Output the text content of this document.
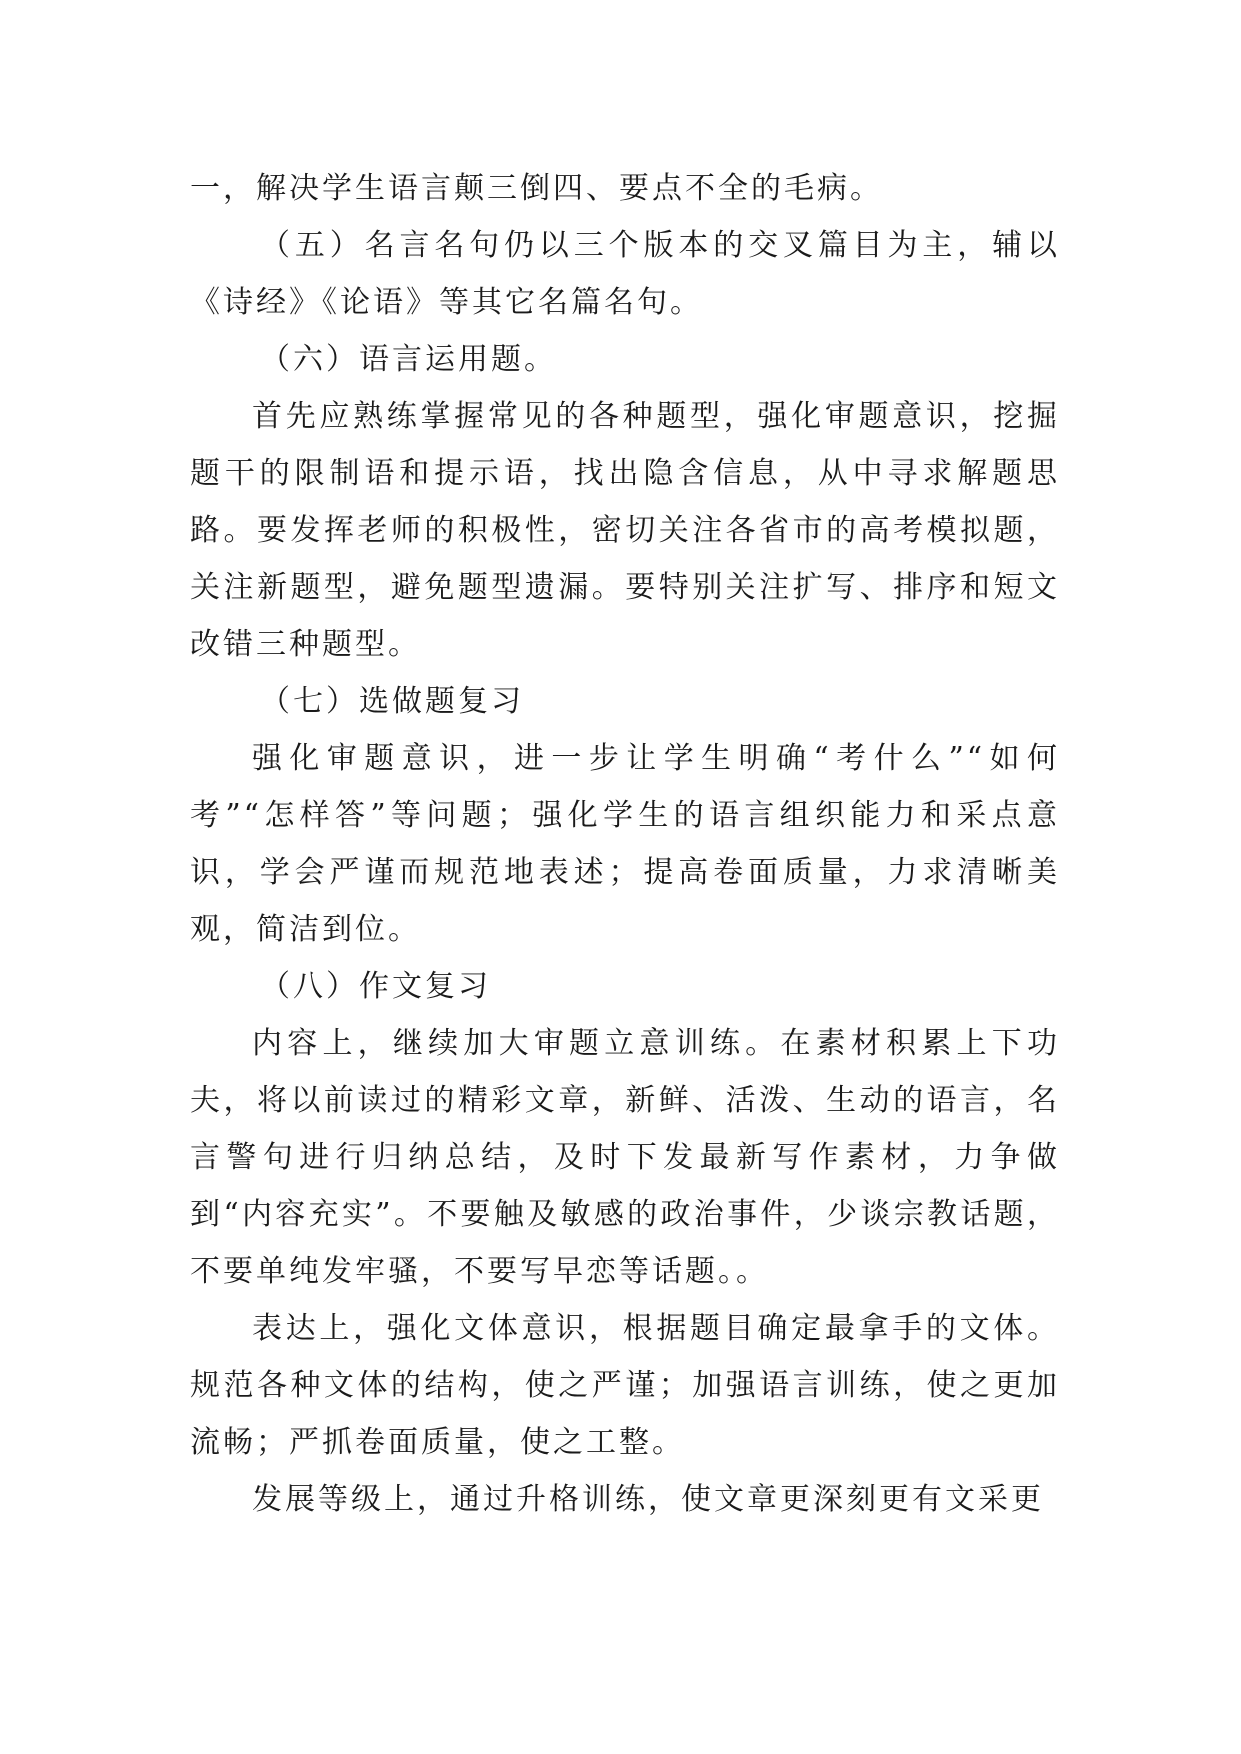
一，解决学生语言颠三倒四、要点不全的毛病。

（五）名言名句仍以三个版本的交叉篇目为主，辅以《诗经》《论语》等其它名篇名句。

（六）语言运用题。

首先应熟练掌握常见的各种题型，强化审题意识，挖掘题干的限制语和提示语，找出隐含信息，从中寻求解题思路。要发挥老师的积极性，密切关注各省市的高考模拟题，关注新题型，避免题型遗漏。要特别关注扩写、排序和短文改错三种题型。

（七）选做题复习

强化审题意识，进一步让学生明确“考什么”“如何考”“怎样答”等问题；强化学生的语言组织能力和采点意识，学会严谨而规范地表述；提高卷面质量，力求清晰美观，简洁到位。

（八）作文复习

内容上，继续加大审题立意训练。在素材积累上下功夫，将以前读过的精彩文章，新鲜、活泼、生动的语言，名言警句进行归纳总结，及时下发最新写作素材，力争做到“内容充实”。不要触及敏感的政治事件，少谈宗教话题，不要单纯发牢骚，不要写早恋等话题。。

表达上，强化文体意识，根据题目确定最拿手的文体。规范各种文体的结构，使之严谨；加强语言训练，使之更加流畅；严抓卷面质量，使之工整。

发展等级上，通过升格训练，使文章更深刻更有文采更
